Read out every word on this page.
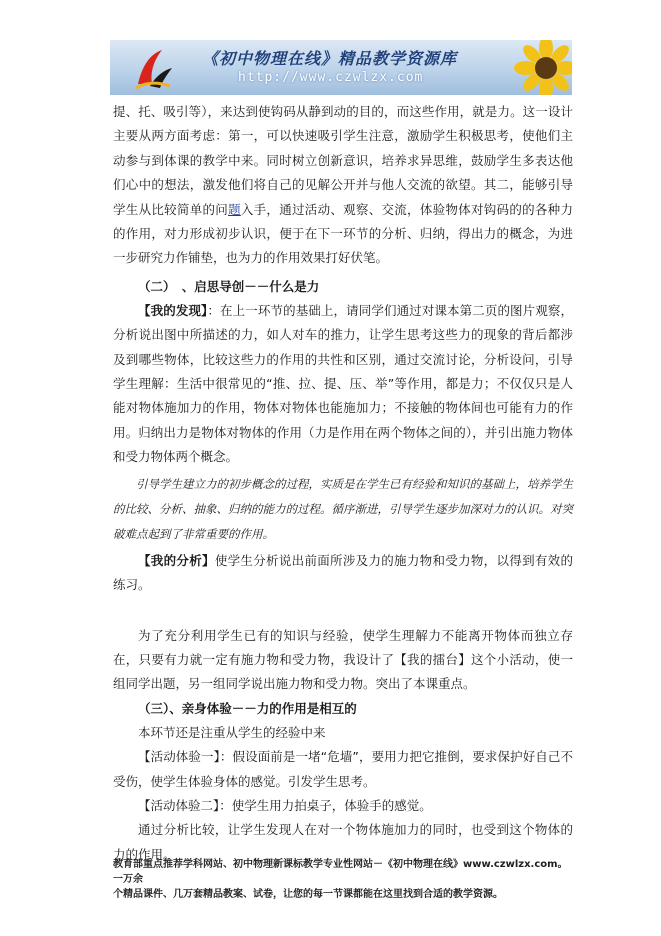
《初中物理在线》精品教学资源库
http://www.czwlzx.com

提、托、吸引等），来达到使钩码从静到动的目的，而这些作用，就是力。这一设计主要从两方面考虑：第一，可以快速吸引学生注意，激励学生积极思考，使他们主动参与到体课的教学中来。同时树立创新意识，培养求异思维，鼓励学生多表达他们心中的想法，激发他们将自己的见解公开并与他人交流的欲望。其二，能够引导学生从比较简单的问题入手，通过活动、观察、交流，体验物体对钩码的的各种力的作用，对力形成初步认识，便于在下一环节的分析、归纳，得出力的概念，为进一步研究力作铺垫，也为力的作用效果打好伏笔。

（二）　、启思导创－－什么是力

【我的发现】：在上一环节的基础上，请同学们通过对课本第二页的图片观察，分析说出图中所描述的力，如人对车的推力，让学生思考这些力的现象的背后都涉及到哪些物体，比较这些力的作用的共性和区别，通过交流讨论，分析设问，引导学生理解：生活中很常见的“推、拉、提、压、举”等作用，都是力；不仅仅只是人能对物体施加力的作用，物体对物体也能施加力；不接触的物体间也可能有力的作用。归纳出力是物体对物体的作用（力是作用在两个物体之间的），并引出施力物体和受力物体两个概念。

引导学生建立力的初步概念的过程，实质是在学生已有经验和知识的基础上，培养学生的比较、分析、抽象、归纳的能力的过程。循序渐进，引导学生逐步加深对力的认识。对突破难点起到了非常重要的作用。

【我的分析】使学生分析说出前面所涉及力的施力物和受力物，以得到有效的练习。

为了充分利用学生已有的知识与经验，使学生理解力不能离开物体而独立存在，只要有力就一定有施力物和受力物，我设计了【我的擂台】这个小活动，使一组同学出题，另一组同学说出施力物和受力物。突出了本课重点。

（三）、亲身体验－－力的作用是相互的

本环节还是注重从学生的经验中来

【活动体验一】：假设面前是一堵“危墙”，要用力把它推倒，要求保护好自己不受伤，使学生体验身体的感觉。引发学生思考。

【活动体验二】：使学生用力拍桌子，体验手的感觉。

通过分析比较，让学生发现人在对一个物体施加力的同时，也受到这个物体的力的作用。

教育部重点推荐学科网站、初中物理新课标教学专业性网站－《初中物理在线》www.czwlzx.com。一万余
个精品课件、几万套精品教案、试卷，让您的每一节课都能在这里找到合适的教学资源。
